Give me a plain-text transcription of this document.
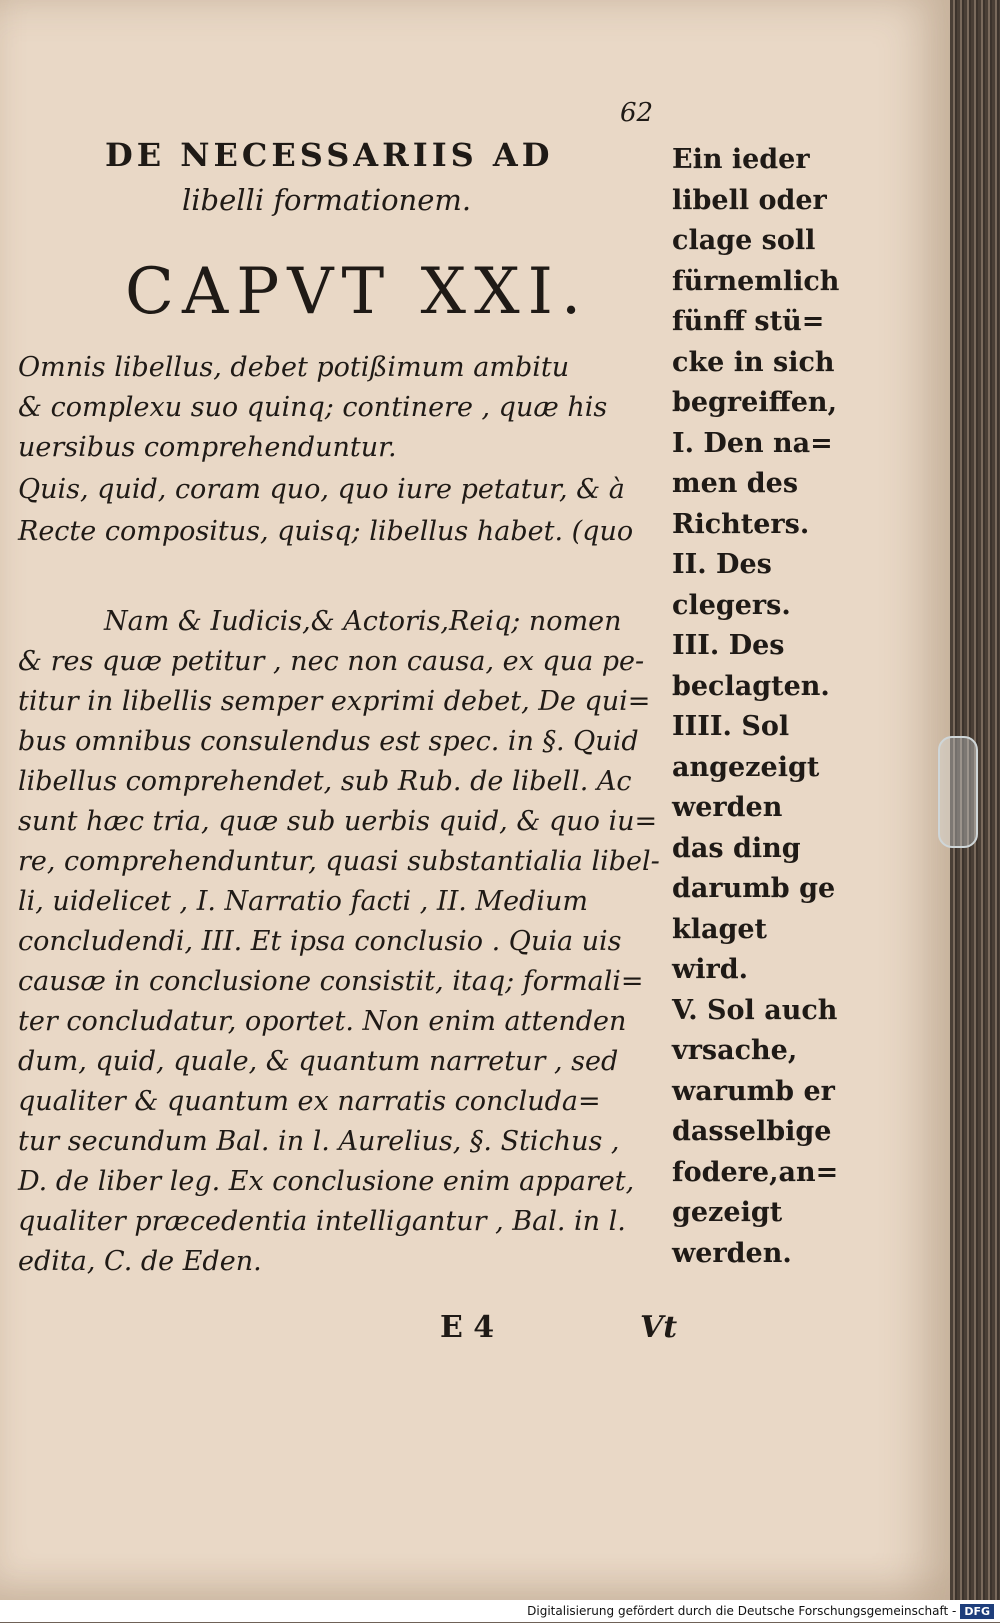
62
DE NECESSARIIS AD
libelli formationem.
CAPVT XXI.
Omnis libellus, debet potißimum ambitu
& complexu suo quinq; continere , quæ his
uersibus comprehenduntur.
Quis, quid, coram quo, quo iure petatur, & à
Recte compositus, quisq; libellus habet. (quo
Nam & Iudicis,& Actoris,Reiq; nomen
& res quæ petitur , nec non causa, ex qua pe-
titur in libellis semper exprimi debet, De qui=
bus omnibus consulendus est spec. in §. Quid
libellus comprehendet, sub Rub. de libell. Ac
sunt hæc tria, quæ sub uerbis quid, & quo iu=
re, comprehenduntur, quasi substantialia libel-
li, uidelicet , I. Narratio facti , II. Medium
concludendi, III. Et ipsa conclusio . Quia uis
causæ in conclusione consistit, itaq; formali=
ter concludatur, oportet. Non enim attenden
dum, quid, quale, & quantum narretur , sed
qualiter & quantum ex narratis concluda=
tur secundum Bal. in l. Aurelius, §. Stichus ,
D. de liber leg. Ex conclusione enim apparet,
qualiter præcedentia intelligantur , Bal. in l.
edita, C. de Eden.
Ein ieder
libell oder
clage soll
fürnemlich
fünff stü=
cke in sich
begreiffen,
I. Den na=
men des
Richters.
II. Des
clegers.
III. Des
beclagten.
IIII. Sol
angezeigt
werden
das ding
darumb ge
klaget
wird.
V. Sol auch
vrsache,
warumb er
dasselbige
fodere,an=
gezeigt
werden.
E 4	Vt
Digitalisierung gefördert durch die Deutsche Forschungsgemeinschaft - DFG
